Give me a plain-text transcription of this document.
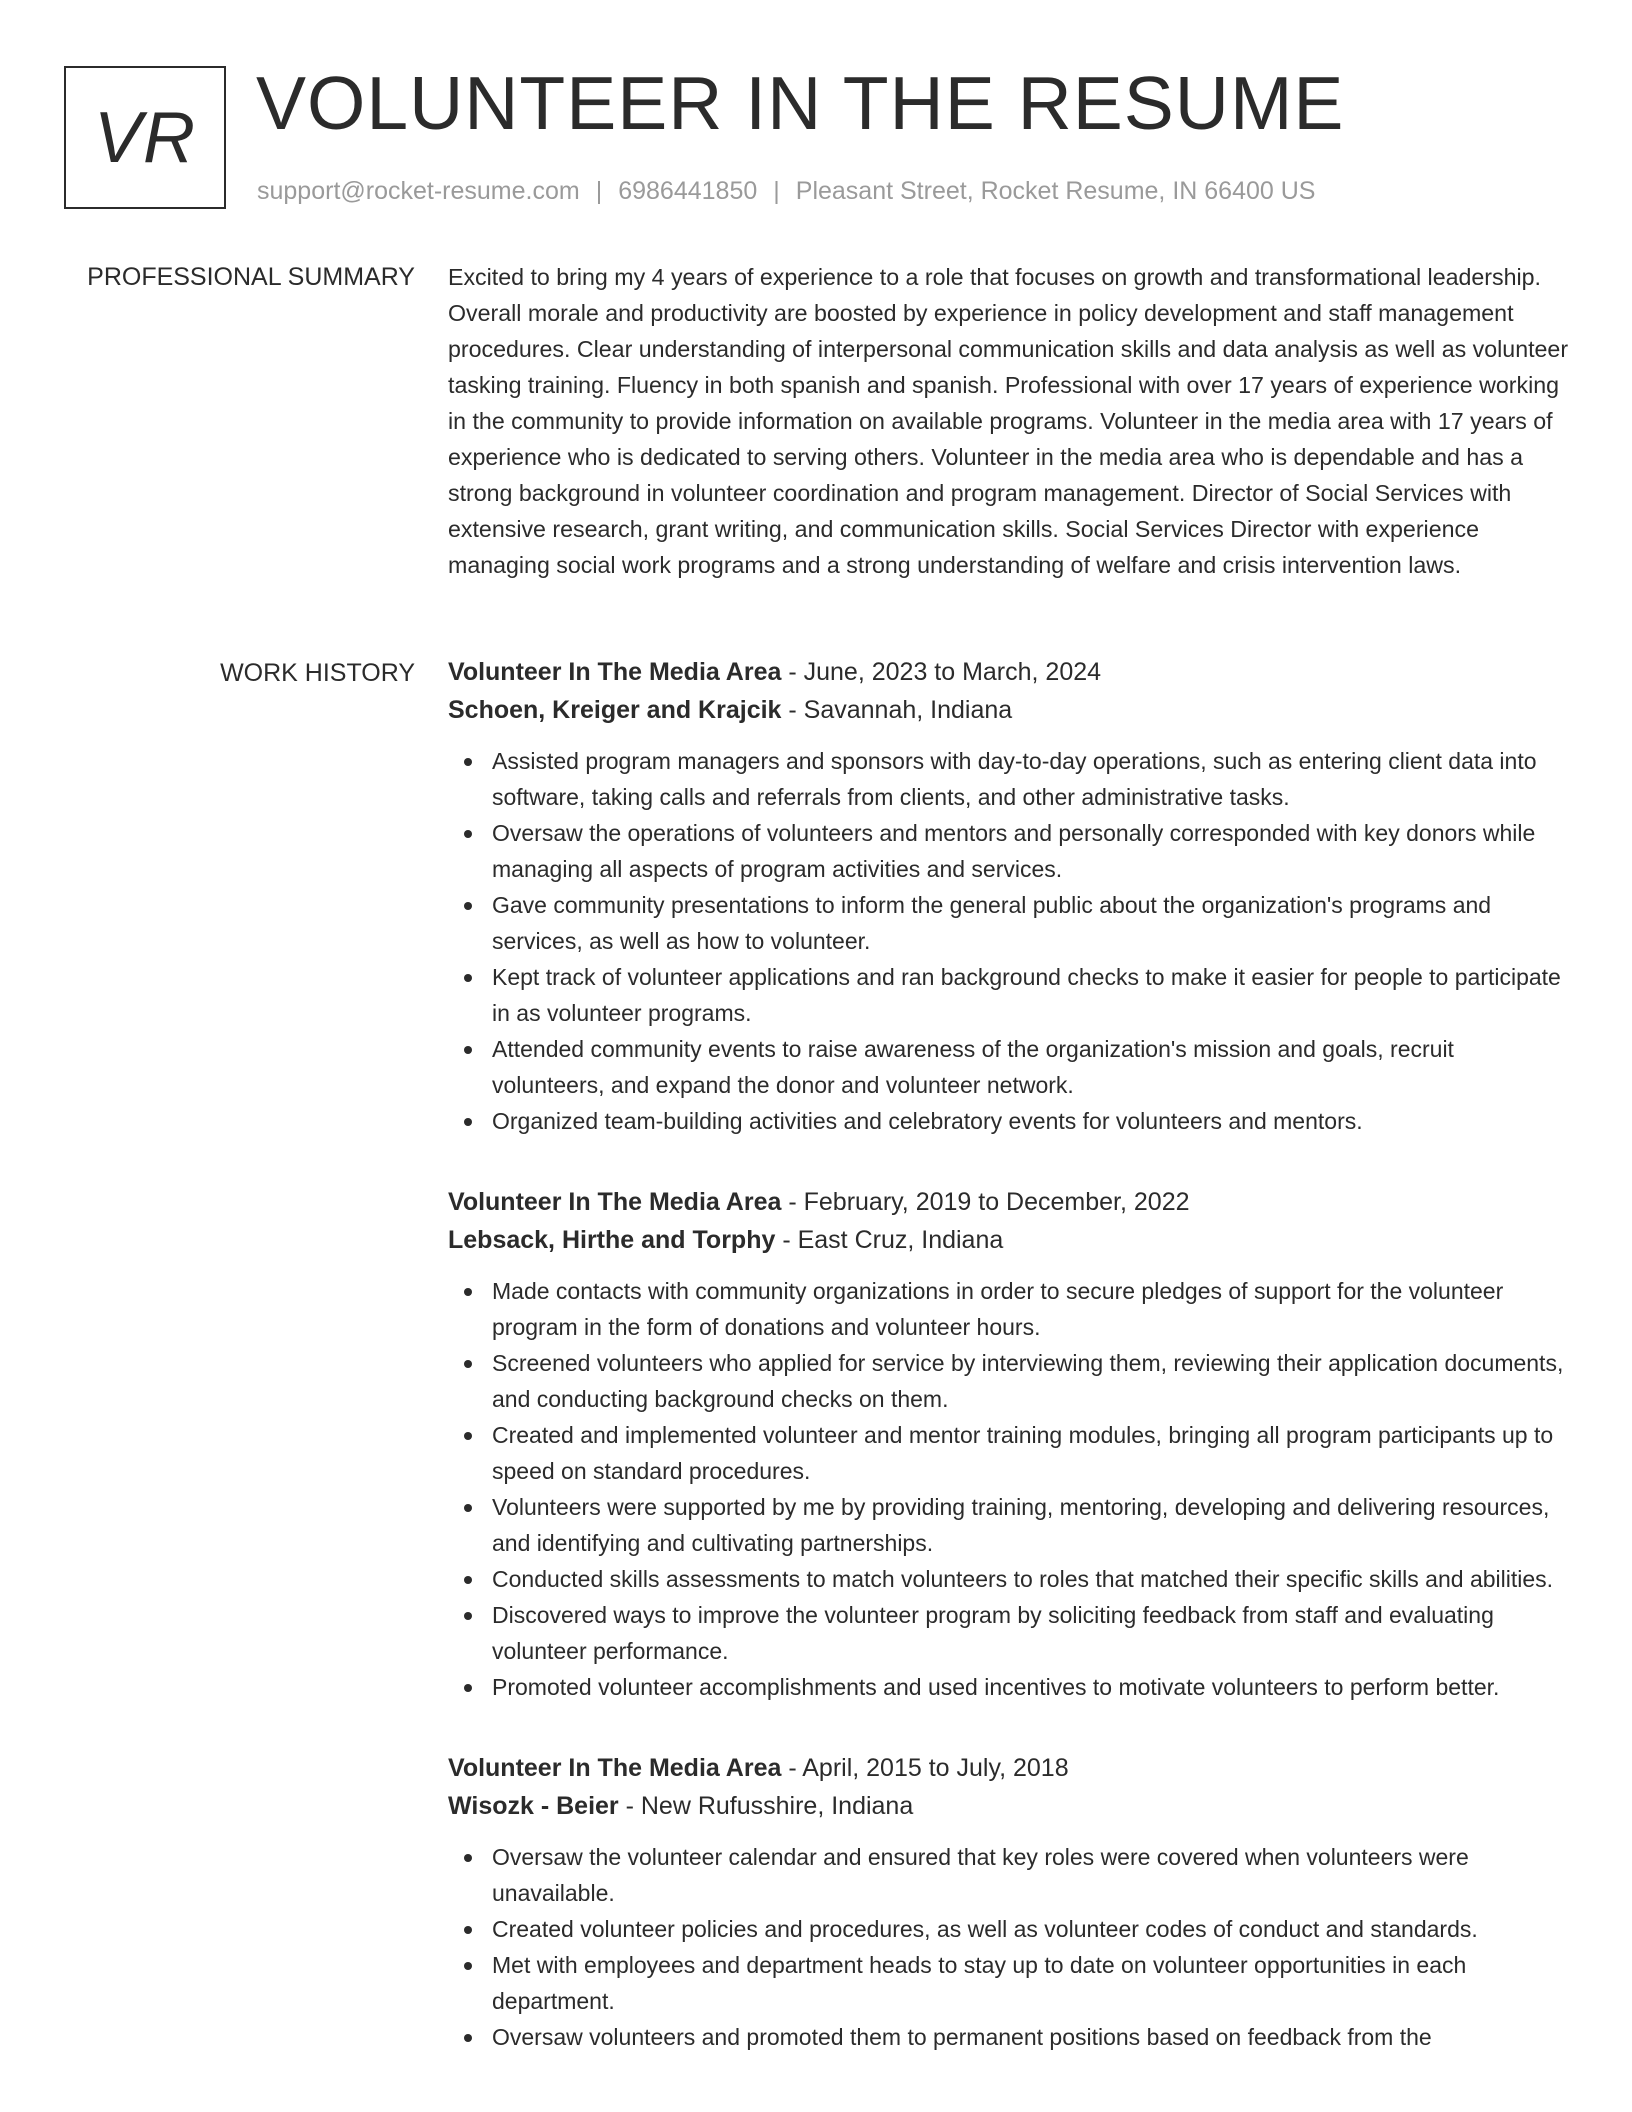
VR VOLUNTEER IN THE RESUME
support@rocket-resume.com | 6986441850 | Pleasant Street, Rocket Resume, IN 66400 US
PROFESSIONAL SUMMARY Excited to bring my 4 years of experience to a role that focuses on growth and transformational leadership. Overall morale and productivity are boosted by experience in policy development and staff management procedures. Clear understanding of interpersonal communication skills and data analysis as well as volunteer tasking training. Fluency in both spanish and spanish. Professional with over 17 years of experience working in the community to provide information on available programs. Volunteer in the media area with 17 years of experience who is dedicated to serving others. Volunteer in the media area who is dependable and has a strong background in volunteer coordination and program management. Director of Social Services with extensive research, grant writing, and communication skills. Social Services Director with experience managing social work programs and a strong understanding of welfare and crisis intervention laws.

WORK HISTORY Volunteer In The Media Area - June, 2023 to March, 2024
Schoen, Kreiger and Krajcik - Savannah, Indiana
Assisted program managers and sponsors with day-to-day operations, such as entering client data into software, taking calls and referrals from clients, and other administrative tasks.
Oversaw the operations of volunteers and mentors and personally corresponded with key donors while managing all aspects of program activities and services.
Gave community presentations to inform the general public about the organization's programs and services, as well as how to volunteer.
Kept track of volunteer applications and ran background checks to make it easier for people to participate in as volunteer programs.
Attended community events to raise awareness of the organization's mission and goals, recruit volunteers, and expand the donor and volunteer network.
Organized team-building activities and celebratory events for volunteers and mentors.
Volunteer In The Media Area - February, 2019 to December, 2022
Lebsack, Hirthe and Torphy - East Cruz, Indiana
Made contacts with community organizations in order to secure pledges of support for the volunteer program in the form of donations and volunteer hours.
Screened volunteers who applied for service by interviewing them, reviewing their application documents, and conducting background checks on them.
Created and implemented volunteer and mentor training modules, bringing all program participants up to speed on standard procedures.
Volunteers were supported by me by providing training, mentoring, developing and delivering resources, and identifying and cultivating partnerships.
Conducted skills assessments to match volunteers to roles that matched their specific skills and abilities.
Discovered ways to improve the volunteer program by soliciting feedback from staff and evaluating volunteer performance.
Promoted volunteer accomplishments and used incentives to motivate volunteers to perform better.
Volunteer In The Media Area - April, 2015 to July, 2018
Wisozk - Beier - New Rufusshire, Indiana
Oversaw the volunteer calendar and ensured that key roles were covered when volunteers were unavailable.
Created volunteer policies and procedures, as well as volunteer codes of conduct and standards.
Met with employees and department heads to stay up to date on volunteer opportunities in each department.
Oversaw volunteers and promoted them to permanent positions based on feedback from the
